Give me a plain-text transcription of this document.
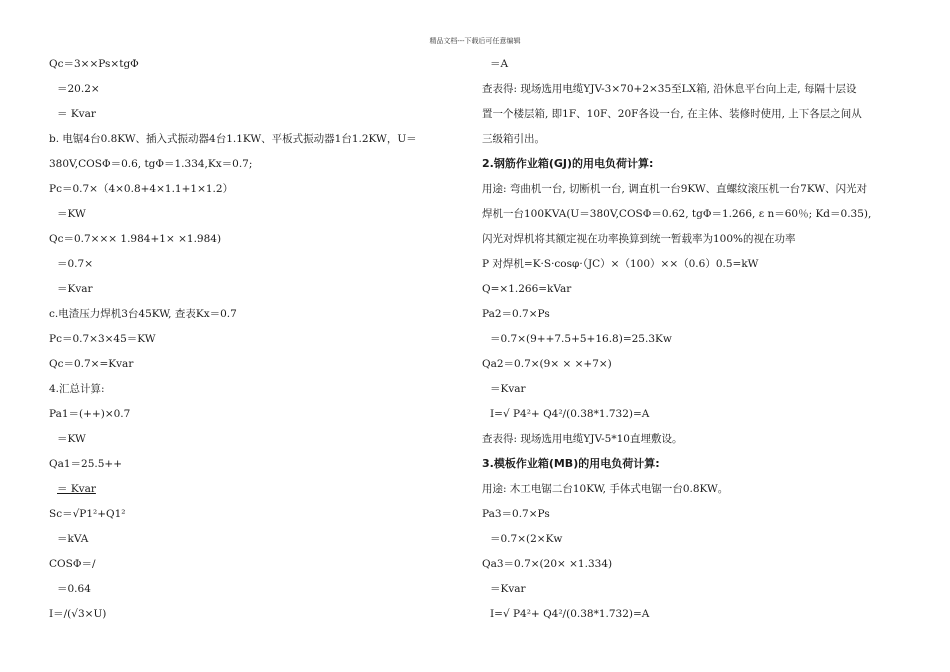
精品文档---下载后可任意编辑
Qc＝3××Ps×tgΦ
＝20.2×
＝ Kvar
b. 电锯4台0.8KW、插入式振动器4台1.1KW、平板式振动器1台1.2KW，U＝
380V,COSΦ＝0.6, tgΦ＝1.334,Kx＝0.7;
Pc＝0.7×（4×0.8+4×1.1+1×1.2）
＝KW
Qc＝0.7××× 1.984+1× ×1.984)
＝0.7×
＝Kvar
c.电渣压力焊机3台45KW, 查表Kx＝0.7
Pc＝0.7×3×45＝KW
Qc＝0.7×=Kvar
4.汇总计算:
Pa1＝(++)×0.7
＝KW
Qa1＝25.5++
＝ Kvar
Sc＝√P1²+Q1²
＝kVA
COSΦ＝/
＝0.64
I＝/(√3×U)
＝A
查表得: 现场选用电缆YJV-3×70+2×35至LX箱, 沿休息平台向上走, 每隔十层设
置一个楼层箱, 即1F、10F、20F各设一台, 在主体、装修时使用, 上下各层之间从
三级箱引出。
2.钢筋作业箱(GJ)的用电负荷计算:
用途: 弯曲机一台, 切断机一台, 调直机一台9KW、直螺纹滚压机一台7KW、闪光对
焊机一台100KVA(U＝380V,COSΦ＝0.62, tgΦ＝1.266, ε n＝60％; Kd＝0.35),
闪光对焊机将其额定视在功率换算到统一暂载率为100%的视在功率
P 对焊机=K·S·cosφ·（JC）×（100）××（0.6）0.5=kW
Q=×1.266=kVar
Pa2＝0.7×Ps
＝0.7×(9++7.5+5+16.8)=25.3Kw
Qa2＝0.7×(9× × ×+7×)
＝Kvar
I=√ P4²+ Q4²/(0.38*1.732)=A
查表得: 现场选用电缆YJV-5*10直埋敷设。
3.模板作业箱(MB)的用电负荷计算:
用途: 木工电锯二台10KW, 手体式电锯一台0.8KW。
Pa3＝0.7×Ps
＝0.7×(2×Kw
Qa3＝0.7×(20× ×1.334)
＝Kvar
I=√ P4²+ Q4²/(0.38*1.732)=A
